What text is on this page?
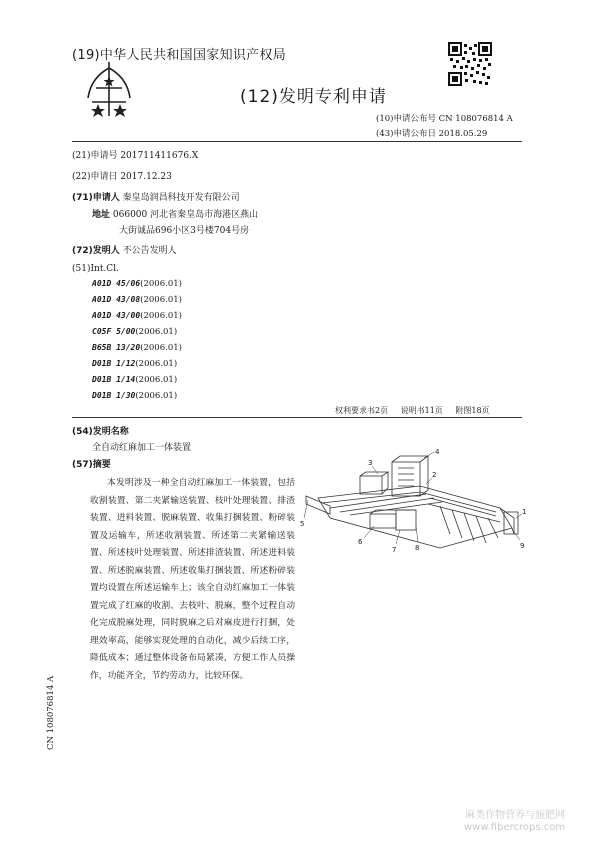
(19)中华人民共和国国家知识产权局
(12)发明专利申请
(10)申请公布号 CN 108076814 A
(43)申请公布日 2018.05.29
(21)申请号 201711411676.X
(22)申请日 2017.12.23
(71)申请人 秦皇岛润昌科技开发有限公司
地址 066000 河北省秦皇岛市海港区燕山
大街诚品696小区3号楼704号房
(72)发明人 不公告发明人
(51)Int.Cl.
A01D 45/06(2006.01)
A01D 43/08(2006.01)
A01D 43/00(2006.01)
C05F 5/00(2006.01)
B65B 13/20(2006.01)
D01B 1/12(2006.01)
D01B 1/14(2006.01)
D01B 1/30(2006.01)
权利要求书2页 说明书11页 附图18页
(54)发明名称
全自动红麻加工一体装置
(57)摘要
本发明涉及一种全自动红麻加工一体装置，包括收割装置、第二夹紧输送装置、枝叶处理装置、排渣装置、进料装置、脱麻装置、收集打捆装置、粉碎装置及运输车，所述收割装置、所述第二夹紧输送装置、所述枝叶处理装置、所述排渣装置、所述进料装置、所述脱麻装置、所述收集打捆装置、所述粉碎装置均设置在所述运输车上；该全自动红麻加工一体装置完成了红麻的收割、去枝叶、脱麻，整个过程自动化完成脱麻处理，同时脱麻之后对麻皮进行打捆，处理效率高，能够实现处理的自动化，减少后续工序，降低成本；通过整体设备布局紧凑，方便工作人员操作，功能齐全，节约劳动力，比较环保。
4
3
2
1
5
6
7	8	9
CN 108076814 A
麻类作物营养与施肥网
www.fibercrops.com
